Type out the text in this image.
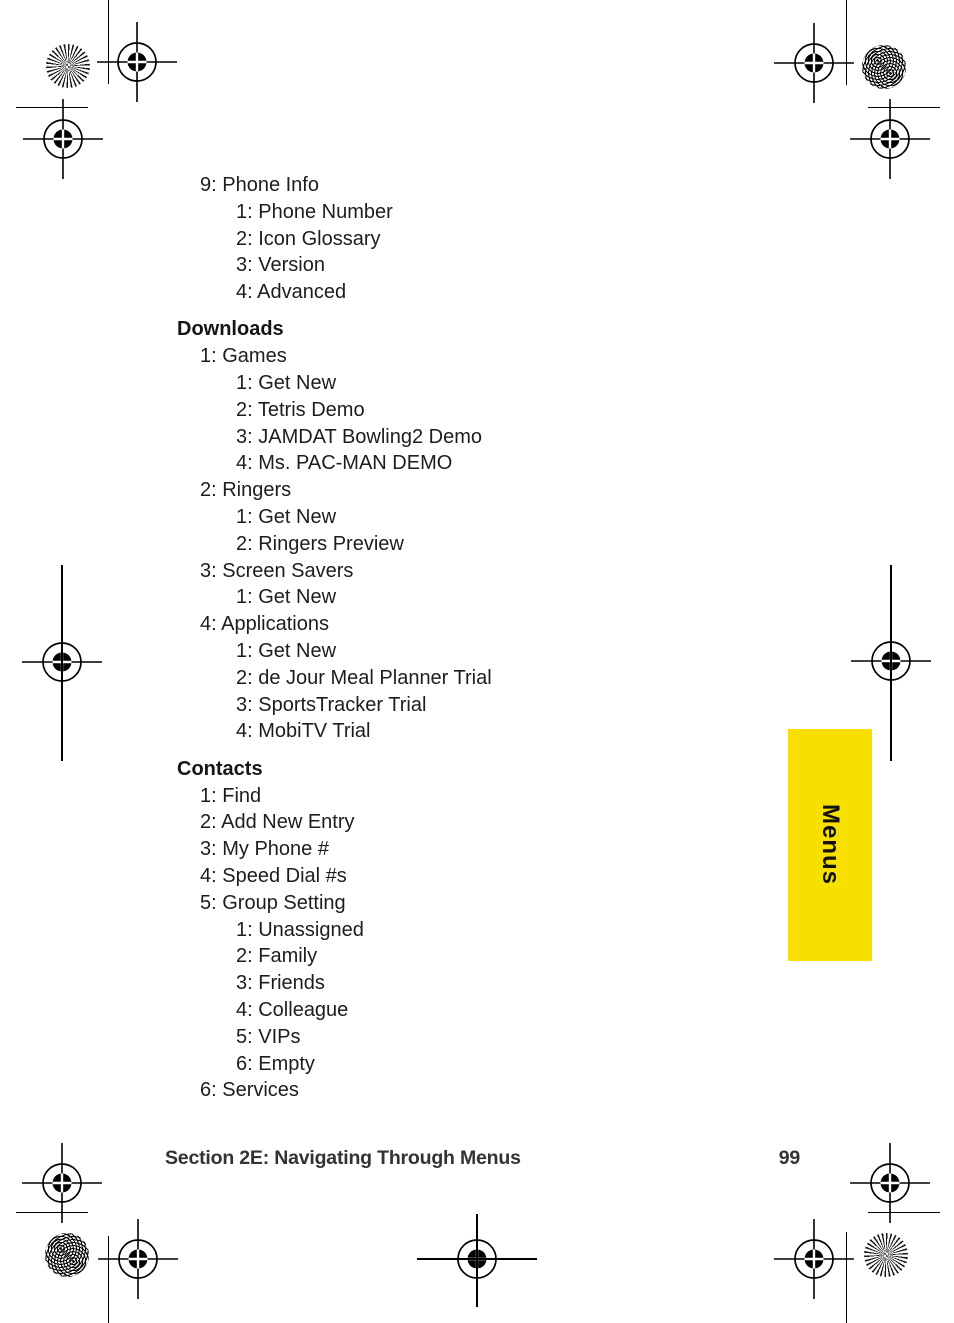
9: Phone Info
1: Phone Number
2: Icon Glossary
3: Version
4: Advanced
Downloads
1: Games
1: Get New
2: Tetris Demo
3: JAMDAT Bowling2 Demo
4: Ms. PAC-MAN DEMO
2: Ringers
1: Get New
2: Ringers Preview
3: Screen Savers
1: Get New
4: Applications
1: Get New
2: de Jour Meal Planner Trial
3: SportsTracker Trial
4: MobiTV Trial
Contacts
1: Find
2: Add New Entry
3: My Phone #
4: Speed Dial #s
5: Group Setting
1: Unassigned
2: Family
3: Friends
4: Colleague
5: VIPs
6: Empty
6: Services
Menus
Section 2E: Navigating Through Menus	99
